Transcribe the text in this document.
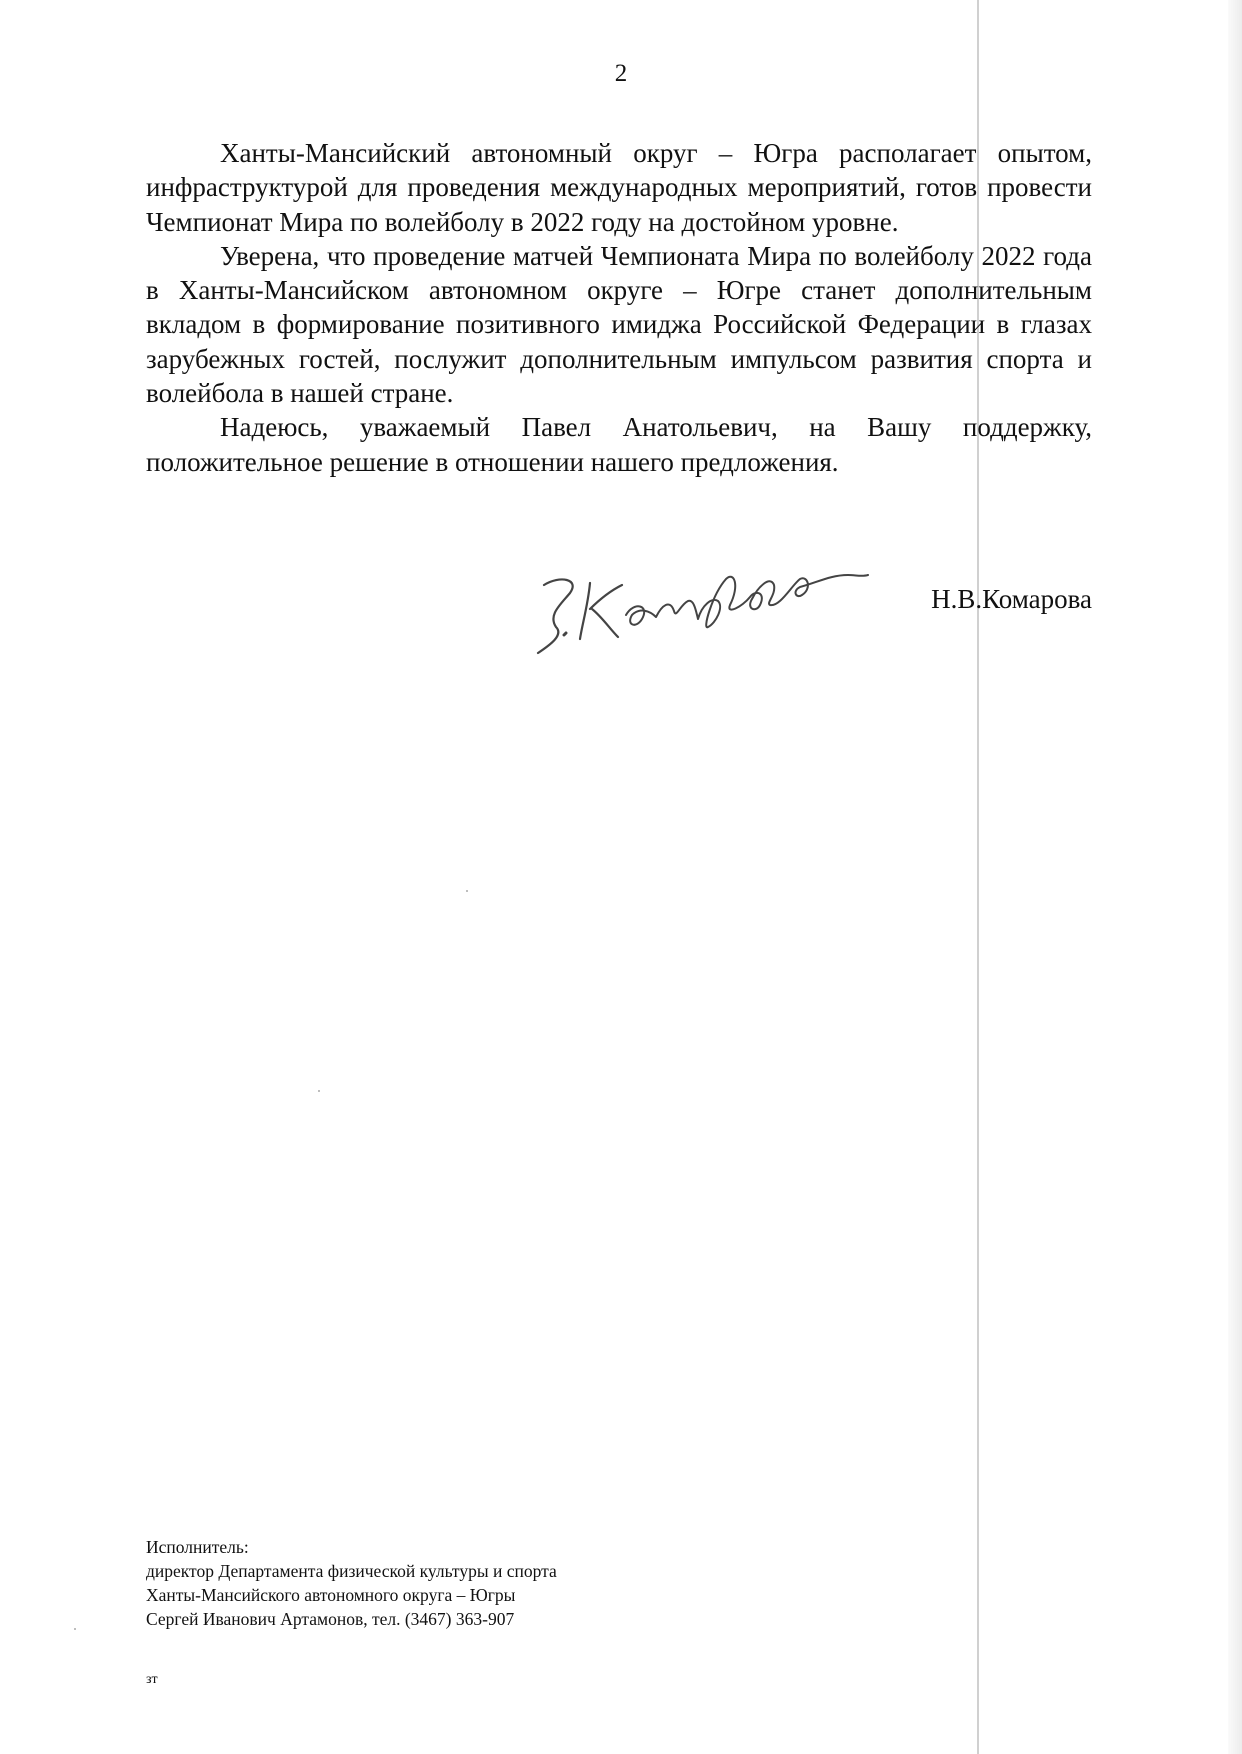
2

Ханты-Мансийский автономный округ – Югра располагает опытом, инфраструктурой для проведения международных мероприятий, готов провести Чемпионат Мира по волейболу в 2022 году на достойном уровне.

Уверена, что проведение матчей Чемпионата Мира по волейболу 2022 года в Ханты-Мансийском автономном округе – Югре станет дополнительным вкладом в формирование позитивного имиджа Российской Федерации в глазах зарубежных гостей, послужит дополнительным импульсом развития спорта и волейбола в нашей стране.

Надеюсь, уважаемый Павел Анатольевич, на Вашу поддержку, положительное решение в отношении нашего предложения.

Н.В.Комарова
Исполнитель:
директор Департамента физической культуры и спорта
Ханты-Мансийского автономного округа – Югры
Сергей Иванович Артамонов, тел. (3467) 363-907
зт
